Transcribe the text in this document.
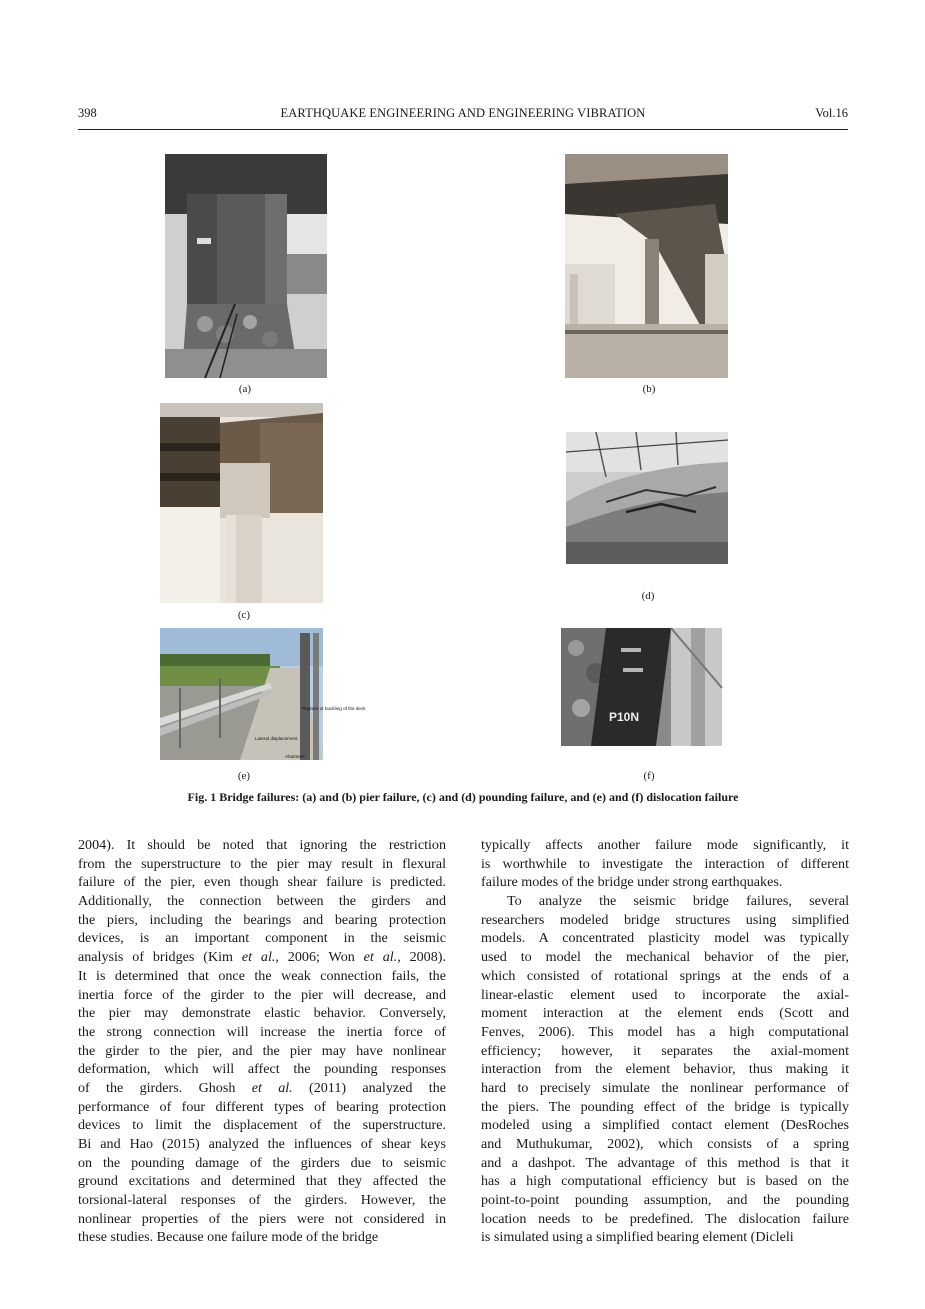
398	EARTHQUAKE ENGINEERING AND ENGINEERING VIBRATION	Vol.16
(a)	(b)
(c)
(d)
Rupture or buckling of the deck
Lateral displacement
Abutment
(e)
P10N
(f)
Fig. 1 Bridge failures: (a) and (b) pier failure, (c) and (d) pounding failure, and (e) and (f) dislocation failure
2004). It should be noted that ignoring the restriction
from the superstructure to the pier may result in flexural
failure of the pier, even though shear failure is predicted.
Additionally, the connection between the girders and
the piers, including the bearings and bearing protection
devices, is an important component in the seismic
analysis of bridges (Kim et al., 2006; Won et al., 2008).
It is determined that once the weak connection fails, the
inertia force of the girder to the pier will decrease, and
the pier may demonstrate elastic behavior. Conversely,
the strong connection will increase the inertia force of
the girder to the pier, and the pier may have nonlinear
deformation, which will affect the pounding responses
of the girders. Ghosh et al. (2011) analyzed the
performance of four different types of bearing protection
devices to limit the displacement of the superstructure.
Bi and Hao (2015) analyzed the influences of shear keys
on the pounding damage of the girders due to seismic
ground excitations and determined that they affected the
torsional-lateral responses of the girders. However, the
nonlinear properties of the piers were not considered in
these studies. Because one failure mode of the bridge
typically affects another failure mode significantly, it
is worthwhile to investigate the interaction of different
failure modes of the bridge under strong earthquakes.
To analyze the seismic bridge failures, several
researchers modeled bridge structures using simplified
models. A concentrated plasticity model was typically
used to model the mechanical behavior of the pier,
which consisted of rotational springs at the ends of a
linear-elastic element used to incorporate the axial-
moment interaction at the element ends (Scott and
Fenves, 2006). This model has a high computational
efficiency; however, it separates the axial-moment
interaction from the element behavior, thus making it
hard to precisely simulate the nonlinear performance of
the piers. The pounding effect of the bridge is typically
modeled using a simplified contact element (DesRoches
and Muthukumar, 2002), which consists of a spring
and a dashpot. The advantage of this method is that it
has a high computational efficiency but is based on the
point-to-point pounding assumption, and the pounding
location needs to be predefined. The dislocation failure
is simulated using a simplified bearing element (Dicleli
